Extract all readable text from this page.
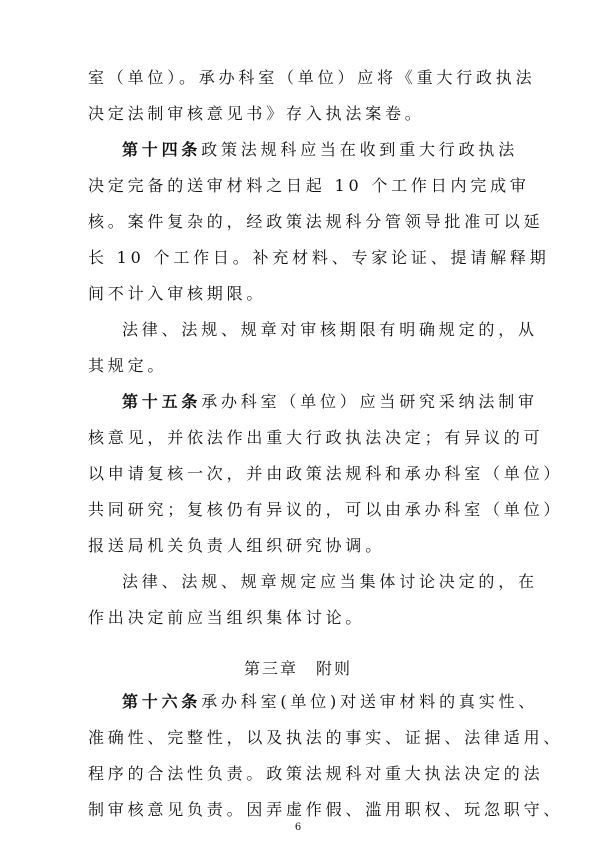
室（单位）。承办科室（单位）应将《重大行政执法
决定法制审核意见书》存入执法案卷。
第十四条政策法规科应当在收到重大行政执法
决定完备的送审材料之日起 10 个工作日内完成审
核。案件复杂的，经政策法规科分管领导批准可以延
长 10 个工作日。补充材料、专家论证、提请解释期
间不计入审核期限。
法律、法规、规章对审核期限有明确规定的，从
其规定。
第十五条承办科室（单位）应当研究采纳法制审
核意见，并依法作出重大行政执法决定；有异议的可
以申请复核一次，并由政策法规科和承办科室（单位）
共同研究；复核仍有异议的，可以由承办科室（单位）
报送局机关负责人组织研究协调。
法律、法规、规章规定应当集体讨论决定的，在
作出决定前应当组织集体讨论。
第三章　附则
第十六条承办科室(单位)对送审材料的真实性、
准确性、完整性，以及执法的事实、证据、法律适用、
程序的合法性负责。政策法规科对重大执法决定的法
制审核意见负责。因弄虚作假、滥用职权、玩忽职守、
6
